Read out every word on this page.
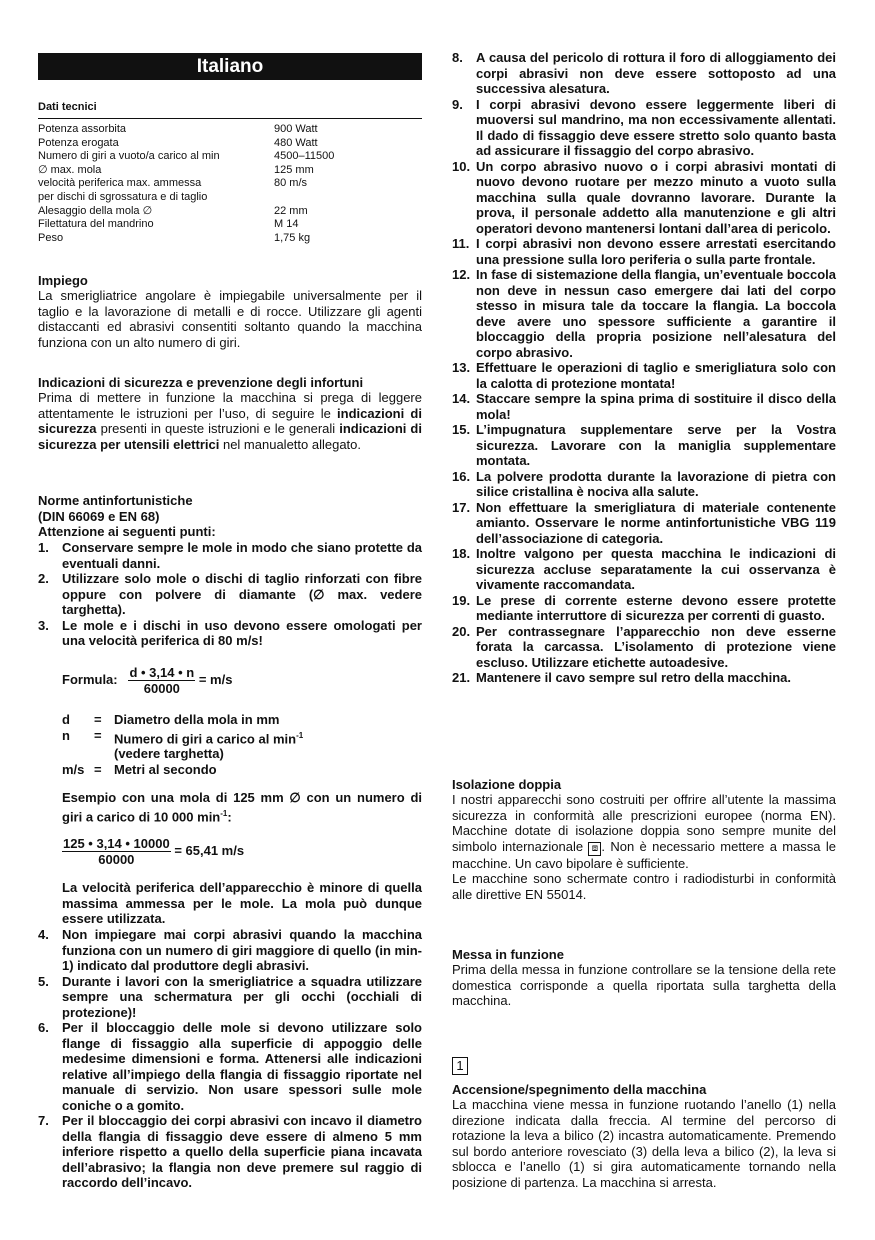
Italiano
Dati tecnici
Potenza assorbita	900 Watt
Potenza erogata	480 Watt
Numero di giri a vuoto/a carico al min	4500–11500
∅ max. mola	125 mm
velocità periferica max. ammessa	80 m/s
per dischi di sgrossatura e di taglio	
Alesaggio della mola ∅	22 mm
Filettatura del mandrino	M 14
Peso	1,75 kg
Impiego
La smerigliatrice angolare è impiegabile universalmente per il taglio e la lavorazione di metalli e di rocce. Utilizzare gli agenti distaccanti ed abrasivi consentiti soltanto quando la macchina funziona con un alto numero di giri.
Indicazioni di sicurezza e prevenzione degli infortuni
Prima di mettere in funzione la macchina si prega di leggere attentamente le istruzioni per l’uso, di seguire le indicazioni di sicurezza presenti in queste istruzioni e le generali indicazioni di sicurezza per utensili elettrici nel manualetto allegato.
Norme antinfortunistiche
(DIN 66069 e EN 68)
Attenzione ai seguenti punti:
1.	Conservare sempre le mole in modo che siano protette da eventuali danni.
2.	Utilizzare solo mole o dischi di taglio rinforzati con fibre oppure con polvere di diamante (∅ max. vedere targhetta).
3.	Le mole e i dischi in uso devono essere omologati per una velocità periferica di 80 m/s!
Formula: $\frac{d • 3,14 • n}{60000} = m/s$
d	=	Diametro della mola in mm
n	=	Numero di giri a carico al $\min^{-1}$
		(vedere targhetta)
m/s	=	Metri al secondo
Esempio con una mola di 125 mm ∅ con un numero di giri a carico di 10 000 $\min^{-1}$:
$\frac{125 • 3,14 • 10000}{60000} = 65,41$ m/s
La velocità periferica dell’apparecchio è minore di quella massima ammessa per le mole. La mola può dunque essere utilizzata.
4.	Non impiegare mai corpi abrasivi quando la macchina funziona con un numero di giri maggiore di quello (in min-1) indicato dal produttore degli abrasivi.
5.	Durante i lavori con la smerigliatrice a squadra utilizzare sempre una schermatura per gli occhi (occhiali di protezione)!
6.	Per il bloccaggio delle mole si devono utilizzare solo flange di fissaggio alla superficie di appoggio delle medesime dimensioni e forma. Attenersi alle indicazioni relative all’impiego della flangia di fissaggio riportate nel manuale di servizio. Non usare spessori sulle mole coniche o a gomito.
7.	Per il bloccaggio dei corpi abrasivi con incavo il diametro della flangia di fissaggio deve essere di almeno 5 mm inferiore rispetto a quello della superficie piana incavata dell’abrasivo; la flangia non deve premere sul raggio di raccordo dell’incavo.
8.	A causa del pericolo di rottura il foro di alloggiamento dei corpi abrasivi non deve essere sottoposto ad una successiva alesatura.
9.	I corpi abrasivi devono essere leggermente liberi di muoversi sul mandrino, ma non eccessivamente allentati. Il dado di fissaggio deve essere stretto solo quanto basta ad assicurare il fissaggio del corpo abrasivo.
10. Un corpo abrasivo nuovo o i corpi abrasivi montati di nuovo devono ruotare per mezzo minuto a vuoto sulla macchina sulla quale dovranno lavorare. Durante la prova, il personale addetto alla manutenzione e gli altri operatori devono mantenersi lontani dall’area di pericolo.
11. I corpi abrasivi non devono essere arrestati esercitando una pressione sulla loro periferia o sulla parte frontale.
12. In fase di sistemazione della flangia, un’eventuale boccola non deve in nessun caso emergere dai lati del corpo stesso in misura tale da toccare la flangia. La boccola deve avere uno spessore sufficiente a garantire il bloccaggio della propria posizione nell’alesatura del corpo abrasivo.
13. Effettuare le operazioni di taglio e smerigliatura solo con la calotta di protezione montata!
14. Staccare sempre la spina prima di sostituire il disco della mola!
15. L’impugnatura supplementare serve per la Vostra sicurezza. Lavorare con la maniglia supplementare montata.
16. La polvere prodotta durante la lavorazione di pietra con silice cristallina è nociva alla salute.
17. Non effettuare la smerigliatura di materiale contenente amianto. Osservare le norme antinfortunistiche VBG 119 dell’associazione di categoria.
18. Inoltre valgono per questa macchina le indicazioni di sicurezza accluse separatamente la cui osservanza è vivamente raccomandata.
19. Le prese di corrente esterne devono essere protette mediante interruttore di sicurezza per correnti di guasto.
20. Per contrassegnare l’apparecchio non deve esserne forata la carcassa. L’isolamento di protezione viene escluso. Utilizzare etichette autoadesive.
21. Mantenere il cavo sempre sul retro della macchina.
Isolazione doppia
I nostri apparecchi sono costruiti per offrire all’utente la massima sicurezza in conformità alle prescrizioni europee (norma EN). Macchine dotate di isolazione doppia sono sempre munite del simbolo internazionale ⧈ . Non è necessario mettere a massa le macchine. Un cavo bipolare è sufficiente.
Le macchine sono schermate contro i radiodisturbi in conformità alle direttive EN 55014.
Messa in funzione
Prima della messa in funzione controllare se la tensione della rete domestica corrisponde a quella riportata sulla targhetta della macchina.
1
Accensione/spegnimento della macchina
La macchina viene messa in funzione ruotando l’anello (1) nella direzione indicata dalla freccia. Al termine del percorso di rotazione la leva a bilico (2) incastra automaticamente. Premendo sul bordo anteriore rovesciato (3) della leva a bilico (2), la leva si sblocca e l’anello (1) si gira automaticamente tornando nella posizione di partenza. La macchina si arresta.
